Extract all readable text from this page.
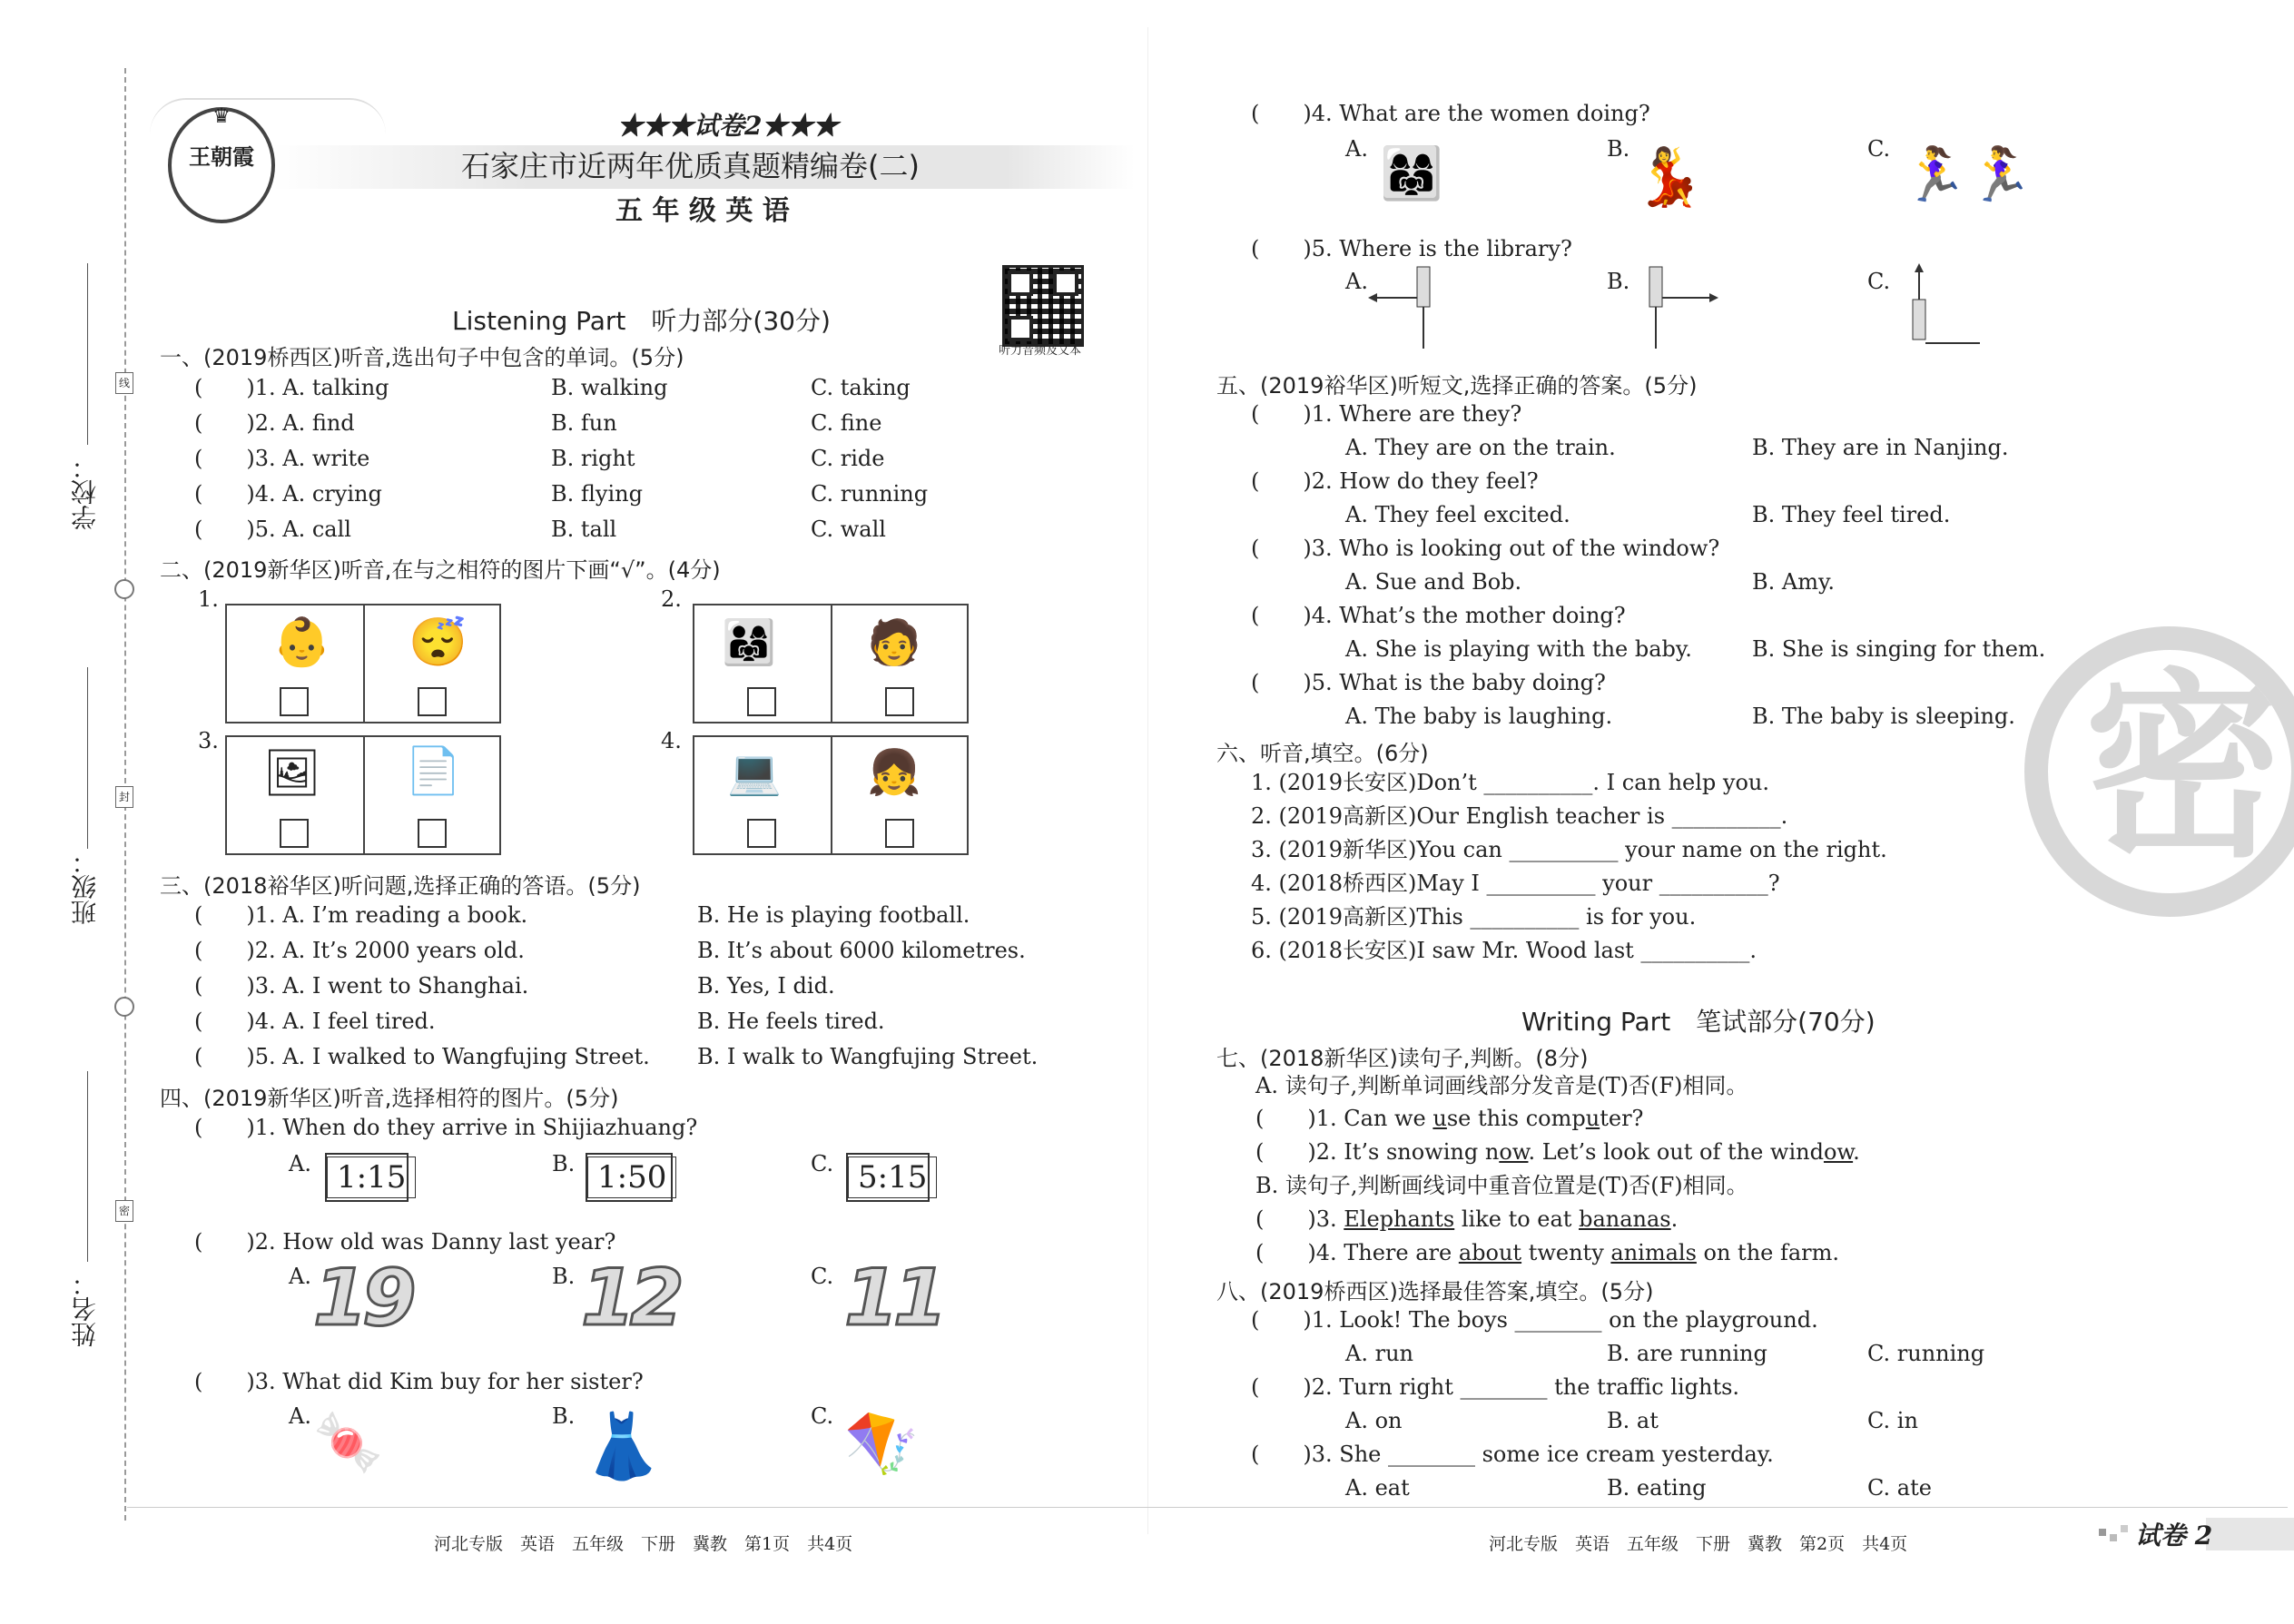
学校：
班级：
姓名：
线
封
密
♛
王朝霞
★★★试卷2★★★
石家庄市近两年优质真题精编卷(二)
五 年 级 英 语
听力音频及文本
Listening Part　听力部分(30分)
一、(2019桥西区)听音,选出句子中包含的单词。(5分)
(　　)1. A. talking	B. walking	C. taking
(　　)2. A. find	B. fun	C. fine
(　　)3. A. write	B. right	C. ride
(　　)4. A. crying	B. flying	C. running
(　　)5. A. call	B. tall	C. wall
二、(2019新华区)听音,在与之相符的图片下画“√”。(4分)
1.
👶 😴
2.
👨‍👩‍👧 🧑
3.
🖼 📄
4.
💻 👧
三、(2018裕华区)听问题,选择正确的答语。(5分)
(　　)1. A. I’m reading a book.	B. He is playing football.
(　　)2. A. It’s 2000 years old.	B. It’s about 6000 kilometres.
(　　)3. A. I went to Shanghai.	B. Yes, I did.
(　　)4. A. I feel tired.	B. He feels tired.
(　　)5. A. I walked to Wangfujing Street. B. I walk to Wangfujing Street.
四、(2019新华区)听音,选择相符的图片。(5分)
(　　)1. When do they arrive in Shijiazhuang?
A. 1:15	B. 1:50	C. 5:15
(　　)2. How old was Danny last year?
A. 19	B. 12	C. 11
(　　)3. What did Kim buy for her sister?
A. 🍬	B. 👗	C. 🪁
(　　)4. What are the women doing?
A. 👩‍👩‍👧	B. 💃	C. 🏃‍♀️🏃‍♀️
(　　)5. Where is the library?
A.	B.	C.
五、(2019裕华区)听短文,选择正确的答案。(5分)
(　　)1. Where are they?
A. They are on the train.	B. They are in Nanjing.
(　　)2. How do they feel?
A. They feel excited.	B. They feel tired.
(　　)3. Who is looking out of the window?
A. Sue and Bob.	B. Amy.
(　　)4. What’s the mother doing?
A. She is playing with the baby.	B. She is singing for them.
(　　)5. What is the baby doing?
A. The baby is laughing.	B. The baby is sleeping.
六、听音,填空。(6分)
1. (2019长安区)Don’t __________. I can help you.
2. (2019高新区)Our English teacher is __________.
3. (2019新华区)You can __________ your name on the right.
4. (2018桥西区)May I __________ your __________?
5. (2019高新区)This __________ is for you.
6. (2018长安区)I saw Mr. Wood last __________.
Writing Part　笔试部分(70分)
七、(2018新华区)读句子,判断。(8分)
A. 读句子,判断单词画线部分发音是(T)否(F)相同。
(　　)1. Can we use this computer?
(　　)2. It’s snowing now. Let’s look out of the window.
B. 读句子,判断画线词中重音位置是(T)否(F)相同。
(　　)3. Elephants like to eat bananas.
(　　)4. There are about twenty animals on the farm.
八、(2019桥西区)选择最佳答案,填空。(5分)
(　　)1. Look! The boys ________ on the playground.
A. run	B. are running	C. running
(　　)2. Turn right ________ the traffic lights.
A. on	B. at	C. in
(　　)3. She ________ some ice cream yesterday.
A. eat	B. eating	C. ate
密
河北专版　英语　五年级　下册　冀教　第1页　共4页	河北专版　英语　五年级　下册　冀教　第2页　共4页	试卷 2
